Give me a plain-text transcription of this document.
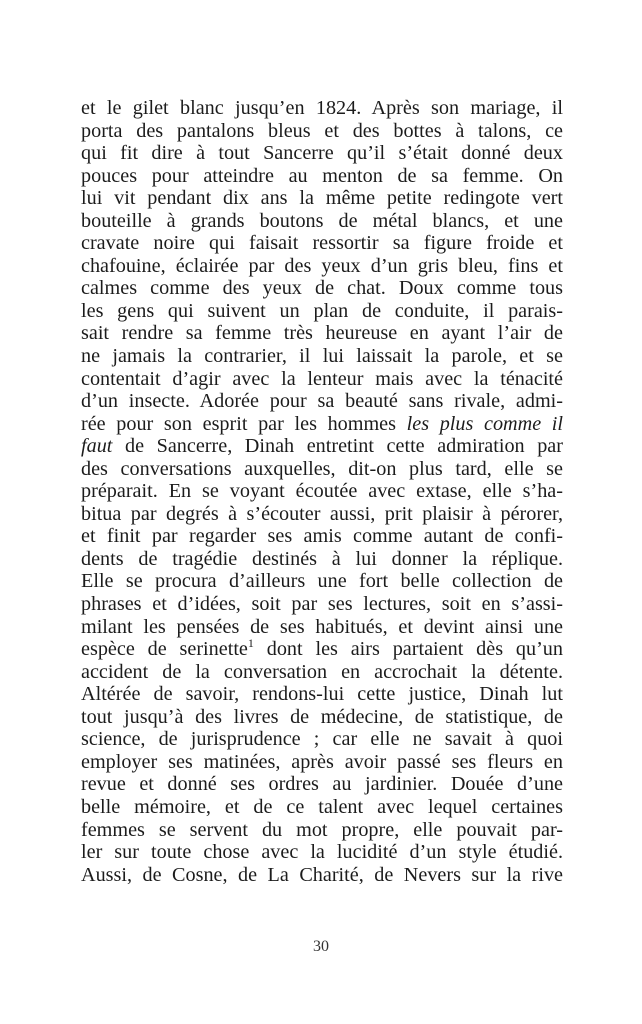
et le gilet blanc jusqu’en 1824. Après son mariage, il
porta des pantalons bleus et des bottes à talons, ce
qui fit dire à tout Sancerre qu’il s’était donné deux
pouces pour atteindre au menton de sa femme. On
lui vit pendant dix ans la même petite redingote vert
bouteille à grands boutons de métal blancs, et une
cravate noire qui faisait ressortir sa figure froide et
chafouine, éclairée par des yeux d’un gris bleu, fins et
calmes comme des yeux de chat. Doux comme tous
les gens qui suivent un plan de conduite, il parais-
sait rendre sa femme très heureuse en ayant l’air de
ne jamais la contrarier, il lui laissait la parole, et se
contentait d’agir avec la lenteur mais avec la ténacité
d’un insecte. Adorée pour sa beauté sans rivale, admi-
rée pour son esprit par les hommes les plus comme il
faut de Sancerre, Dinah entretint cette admiration par
des conversations auxquelles, dit-on plus tard, elle se
préparait. En se voyant écoutée avec extase, elle s’ha-
bitua par degrés à s’écouter aussi, prit plaisir à pérorer,
et finit par regarder ses amis comme autant de confi-
dents de tragédie destinés à lui donner la réplique.
Elle se procura d’ailleurs une fort belle collection de
phrases et d’idées, soit par ses lectures, soit en s’assi-
milant les pensées de ses habitués, et devint ainsi une
espèce de serinette$^1$ dont les airs partaient dès qu’un
accident de la conversation en accrochait la détente.
Altérée de savoir, rendons-lui cette justice, Dinah lut
tout jusqu’à des livres de médecine, de statistique, de
science, de jurisprudence ; car elle ne savait à quoi
employer ses matinées, après avoir passé ses fleurs en
revue et donné ses ordres au jardinier. Douée d’une
belle mémoire, et de ce talent avec lequel certaines
femmes se servent du mot propre, elle pouvait par-
ler sur toute chose avec la lucidité d’un style étudié.
Aussi, de Cosne, de La Charité, de Nevers sur la rive
30
